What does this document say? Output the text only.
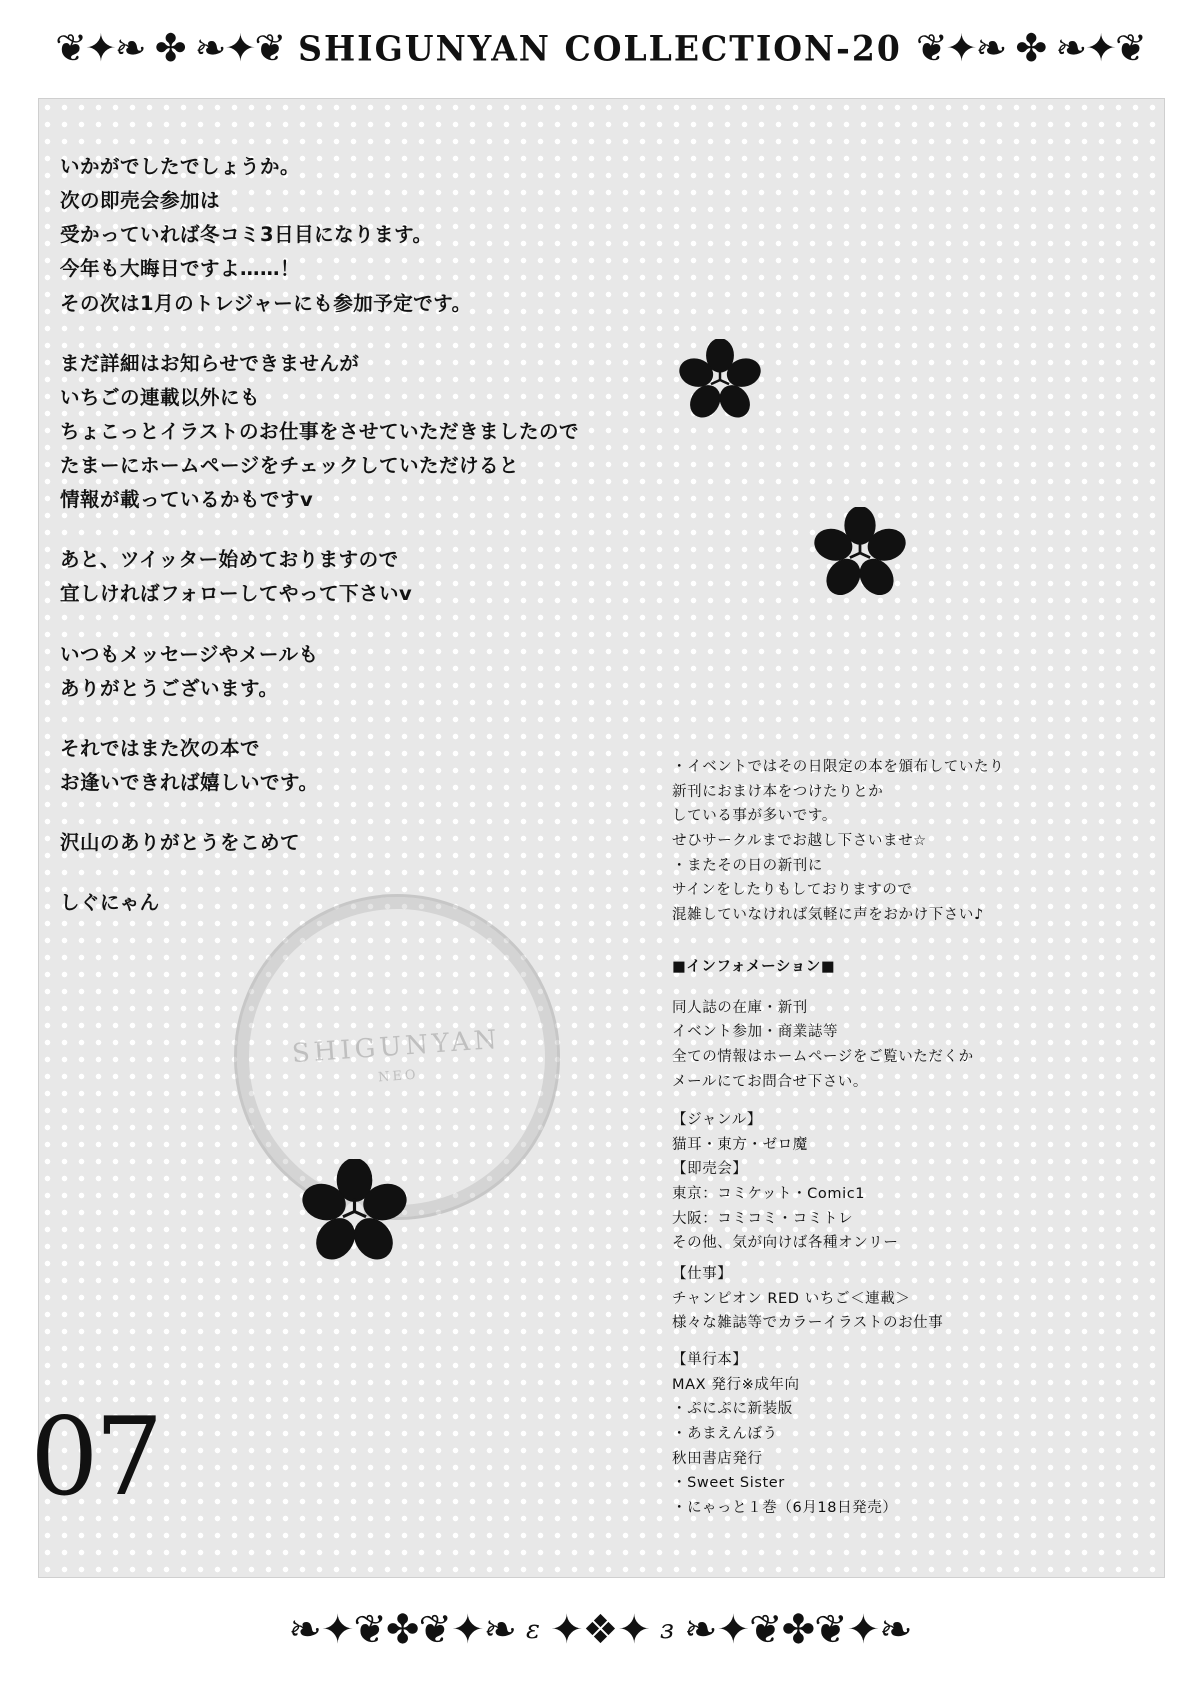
❦✦❧ ✤ ❧✦❦ SHIGUNYAN COLLECTION-20 ❦✦❧ ✤ ❧✦❦
SHIGUNYAN
NEO

いかがでしたでしょうか。
次の即売会参加は
受かっていれば冬コミ3日目になります。
今年も大晦日ですよ……！
その次は1月のトレジャーにも参加予定です。

まだ詳細はお知らせできませんが
いちごの連載以外にも
ちょこっとイラストのお仕事をさせていただきましたので
たまーにホームページをチェックしていただけると
情報が載っているかもですv

あと、ツイッター始めておりますので
宜しければフォローしてやって下さいv

いつもメッセージやメールも
ありがとうございます。

それではまた次の本で
お逢いできれば嬉しいです。

沢山のありがとうをこめて

しぐにゃん

・イベントではその日限定の本を頒布していたり
新刊におまけ本をつけたりとか
している事が多いです。
せひサークルまでお越し下さいませ☆
・またその日の新刊に
サインをしたりもしておりますので
混雑していなければ気軽に声をおかけ下さい♪
■インフォメーション■
同人誌の在庫・新刊
イベント参加・商業誌等
全ての情報はホームページをご覧いただくか
メールにてお問合せ下さい。
【ジャンル】
猫耳・東方・ゼロ魔
【即売会】
東京：コミケット・Comic1
大阪：コミコミ・コミトレ
その他、気が向けば各種オンリー
【仕事】
チャンピオン RED いちご＜連載＞
様々な雑誌等でカラーイラストのお仕事
【単行本】
MAX 発行※成年向
・ぷにぷに新装版
・あまえんぼう
秋田書店発行
・Sweet Sister
・にゃっと１巻（6月18日発売）
07
❧✦❦✤❦✦❧ ε ✦❖✦ з ❧✦❦✤❦✦❧
